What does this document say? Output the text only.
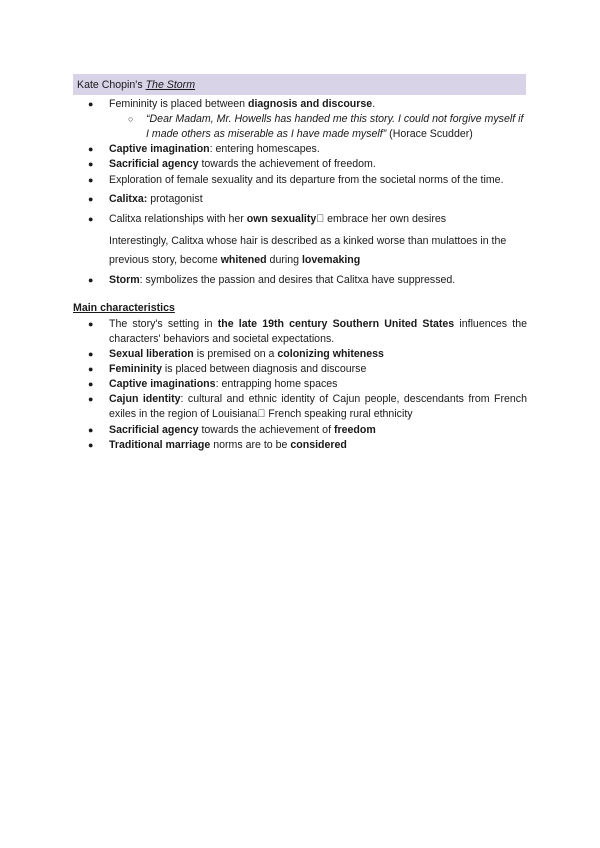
Kate Chopin's The Storm
● Femininity is placed between diagnosis and discourse.
○ “Dear Madam, Mr. Howells has handed me this story. I could not forgive myself if I made others as miserable as I have made myself” (Horace Scudder)
● Captive imagination: entering homescapes.
● Sacrificial agency towards the achievement of freedom.
● Exploration of female sexuality and its departure from the societal norms of the time.
● Calitxa: protagonist
● Calitxa relationships with her own sexuality  embrace her own desires
Interestingly, Calitxa whose hair is described as a kinked worse than mulattoes in the
previous story, become whitened during lovemaking
● Storm: symbolizes the passion and desires that Calitxa have suppressed.
Main characteristics
● The story's setting in the late 19th century Southern United States influences the characters' behaviors and societal expectations.
● Sexual liberation is premised on a colonizing whiteness
● Femininity is placed between diagnosis and discourse
● Captive imaginations: entrapping home spaces
● Cajun identity: cultural and ethnic identity of Cajun people, descendants from French exiles in the region of Louisiana  French speaking rural ethnicity
● Sacrificial agency towards the achievement of freedom
● Traditional marriage norms are to be considered
